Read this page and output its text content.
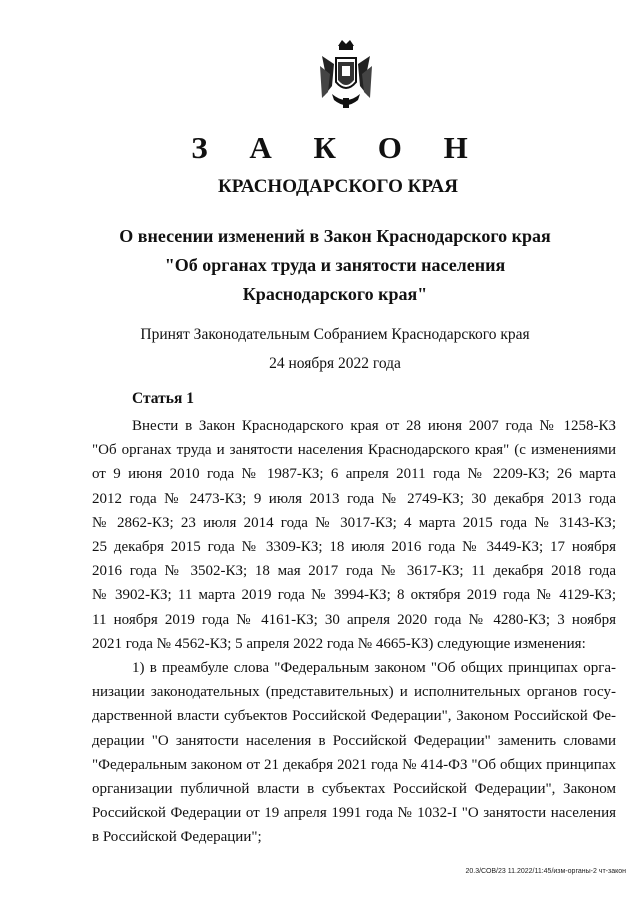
З А К О Н
КРАСНОДАРСКОГО КРАЯ
О внесении изменений в Закон Краснодарского края
"Об органах труда и занятости населения
Краснодарского края"
Принят Законодательным Собранием Краснодарского края
24 ноября 2022 года
Статья 1
Внести в Закон Краснодарского края от 28 июня 2007 года № 1258-КЗ
"Об органах труда и занятости населения Краснодарского края" (с изменениями
от 9 июня 2010 года № 1987-КЗ; 6 апреля 2011 года № 2209-КЗ; 26 марта
2012 года № 2473-КЗ; 9 июля 2013 года № 2749-КЗ; 30 декабря 2013 года
№ 2862-КЗ; 23 июля 2014 года № 3017-КЗ; 4 марта 2015 года № 3143-КЗ;
25 декабря 2015 года № 3309-КЗ; 18 июля 2016 года № 3449-КЗ; 17 ноября
2016 года № 3502-КЗ; 18 мая 2017 года № 3617-КЗ; 11 декабря 2018 года
№ 3902-КЗ; 11 марта 2019 года № 3994-КЗ; 8 октября 2019 года № 4129-КЗ;
11 ноября 2019 года № 4161-КЗ; 30 апреля 2020 года № 4280-КЗ; 3 ноября
2021 года № 4562-КЗ; 5 апреля 2022 года № 4665-КЗ) следующие изменения:
1) в преамбуле слова "Федеральным законом "Об общих принципах орга-
низации законодательных (представительных) и исполнительных органов госу-
дарственной власти субъектов Российской Федерации", Законом Российской Фе-
дерации "О занятости населения в Российской Федерации" заменить словами
"Федеральным законом от 21 декабря 2021 года № 414-ФЗ "Об общих принципах
организации публичной власти в субъектах Российской Федерации", Законом
Российской Федерации от 19 апреля 1991 года № 1032-I "О занятости населения
в Российской Федерации";
20.3/СОВ/23 11.2022/11:45/изм-органы-2 чт-закон
